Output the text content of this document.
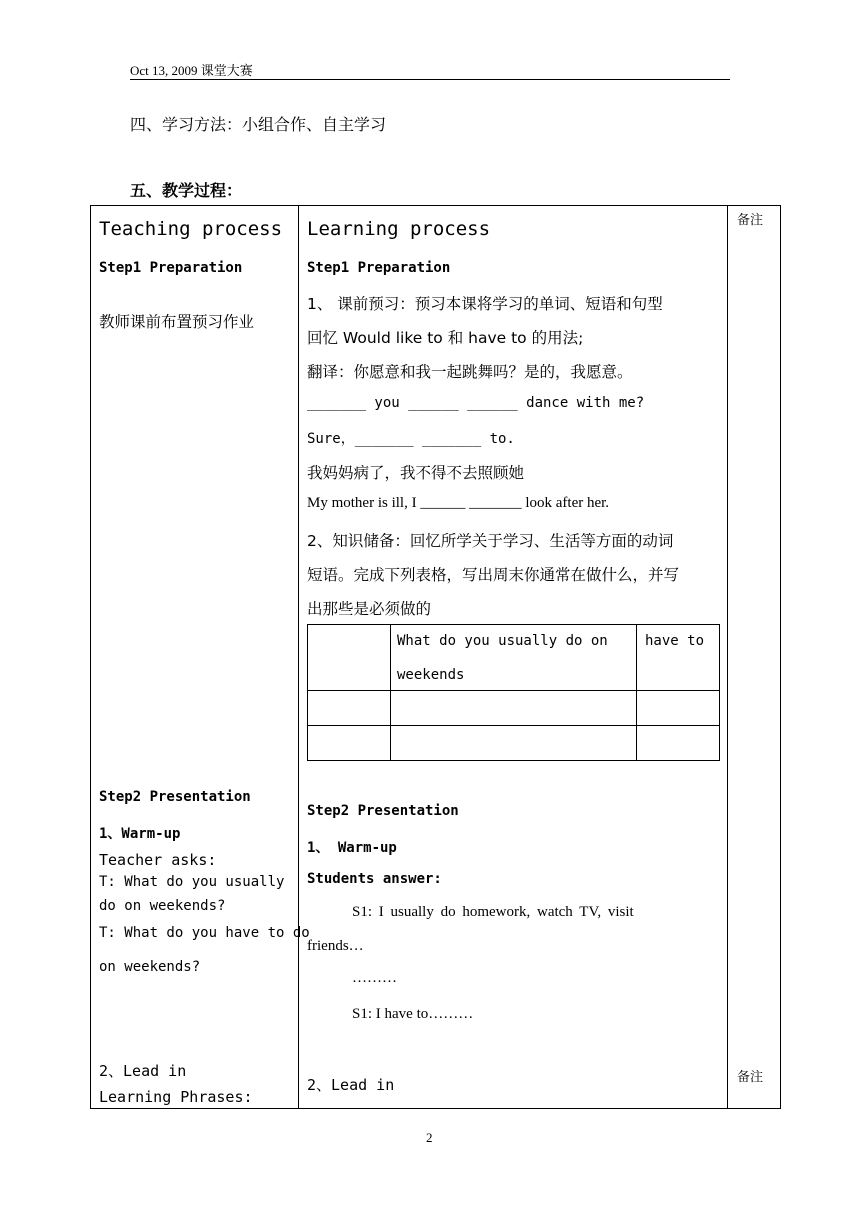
Oct 13, 2009 课堂大赛
四、学习方法：小组合作、自主学习
五、教学过程：
Teaching process
Step1 Preparation
教师课前布置预习作业
Step2 Presentation
1、Warm-up
Teacher asks:
T: What do you usually
do on weekends?
T: What do you have to do
on weekends?
2、Lead in
Learning Phrases:
Learning process
Step1 Preparation
1、 课前预习：预习本课将学习的单词、短语和句型
回忆 Would like to 和 have to 的用法;
翻译：你愿意和我一起跳舞吗？是的，我愿意。
_______ you ______ ______ dance with me?
Sure，_______ _______ to.
我妈妈病了，我不得不去照顾她
My mother is ill, I ______ _______ look after her.
2、知识储备：回忆所学关于学习、生活等方面的动词
短语。完成下列表格，写出周末你通常在做什么，并写
出那些是必须做的
What do you usually do on
weekends
have to
Step2 Presentation
1、 Warm-up
Students answer:
S1: I usually do homework, watch TV, visit
friends…
………
S1: I have to………
2、Lead in
备注
备注
2
